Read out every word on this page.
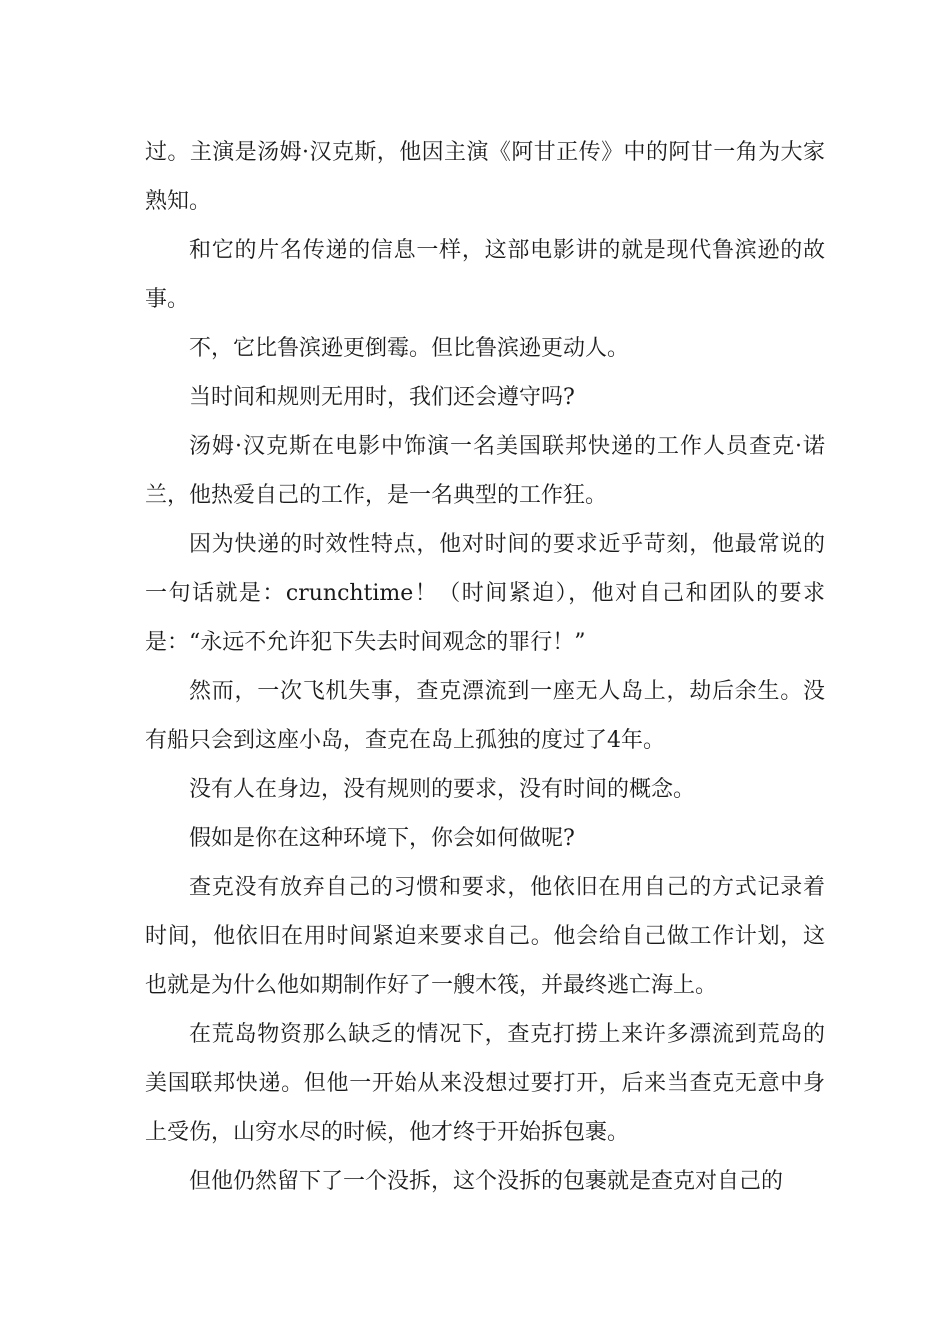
过。主演是汤姆·汉克斯，他因主演《阿甘正传》中的阿甘一角为大家熟知。

和它的片名传递的信息一样，这部电影讲的就是现代鲁滨逊的故事。

不，它比鲁滨逊更倒霉。但比鲁滨逊更动人。

当时间和规则无用时，我们还会遵守吗?

汤姆·汉克斯在电影中饰演一名美国联邦快递的工作人员查克·诺兰，他热爱自己的工作，是一名典型的工作狂。

因为快递的时效性特点，他对时间的要求近乎苛刻，他最常说的一句话就是：crunchtime！（时间紧迫），他对自己和团队的要求是：“永远不允许犯下失去时间观念的罪行！”

然而，一次飞机失事，查克漂流到一座无人岛上，劫后余生。没有船只会到这座小岛，查克在岛上孤独的度过了4年。

没有人在身边，没有规则的要求，没有时间的概念。

假如是你在这种环境下，你会如何做呢?

查克没有放弃自己的习惯和要求，他依旧在用自己的方式记录着时间，他依旧在用时间紧迫来要求自己。他会给自己做工作计划，这也就是为什么他如期制作好了一艘木筏，并最终逃亡海上。

在荒岛物资那么缺乏的情况下，查克打捞上来许多漂流到荒岛的美国联邦快递。但他一开始从来没想过要打开，后来当查克无意中身上受伤，山穷水尽的时候，他才终于开始拆包裹。

但他仍然留下了一个没拆，这个没拆的包裹就是查克对自己的
